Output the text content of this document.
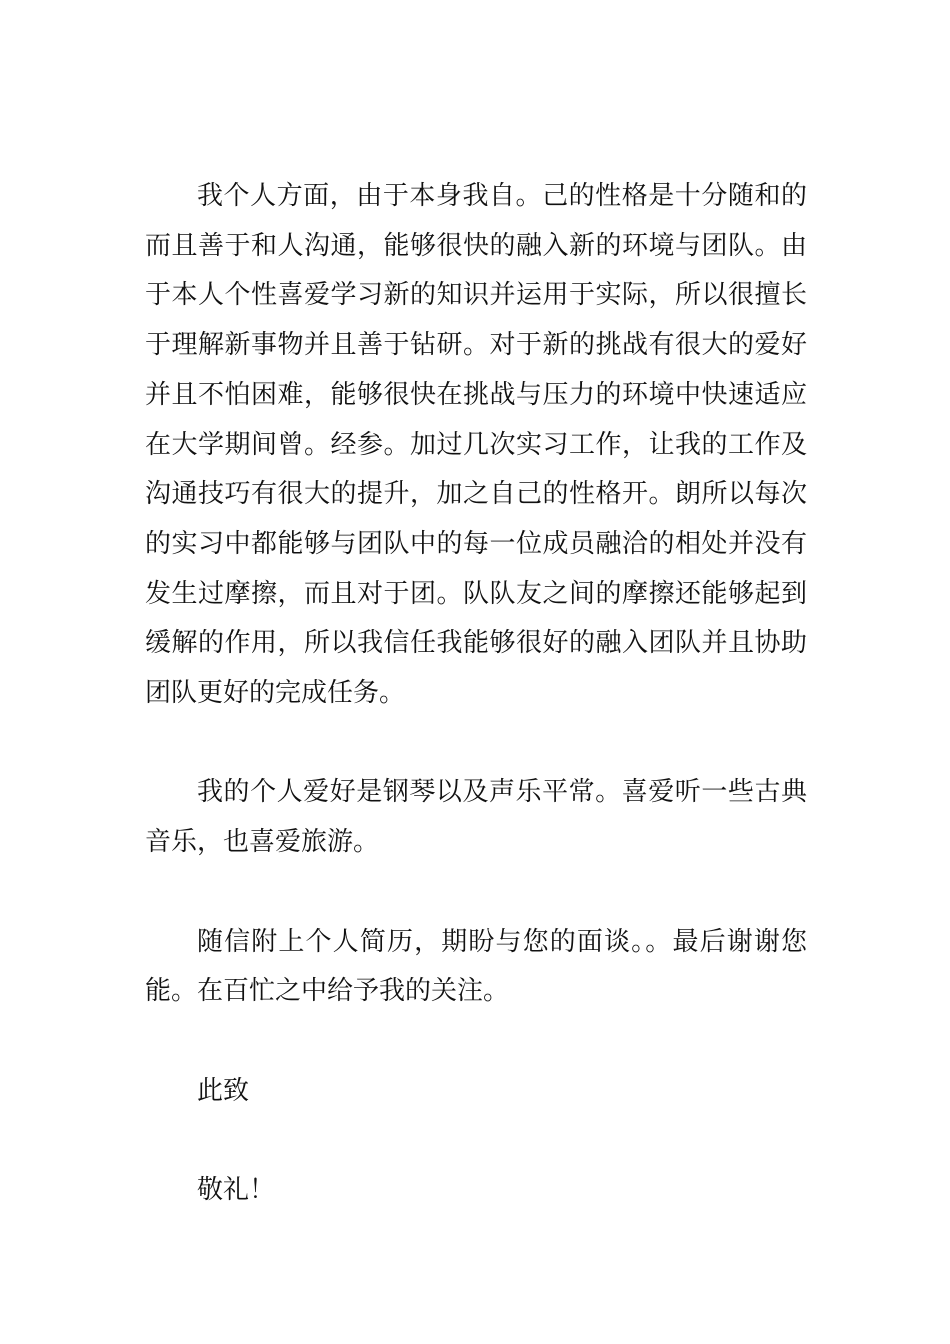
我个人方面，由于本身我自。己的性格是十分随和的
而且善于和人沟通，能够很快的融入新的环境与团队。由
于本人个性喜爱学习新的知识并运用于实际，所以很擅长
于理解新事物并且善于钻研。对于新的挑战有很大的爱好
并且不怕困难，能够很快在挑战与压力的环境中快速适应
在大学期间曾。经参。加过几次实习工作，让我的工作及
沟通技巧有很大的提升，加之自己的性格开。朗所以每次
的实习中都能够与团队中的每一位成员融洽的相处并没有
发生过摩擦，而且对于团。队队友之间的摩擦还能够起到
缓解的作用，所以我信任我能够很好的融入团队并且协助
团队更好的完成任务。
我的个人爱好是钢琴以及声乐平常。喜爱听一些古典
音乐，也喜爱旅游。
随信附上个人简历，期盼与您的面谈。。最后谢谢您
能。在百忙之中给予我的关注。
此致
敬礼！
